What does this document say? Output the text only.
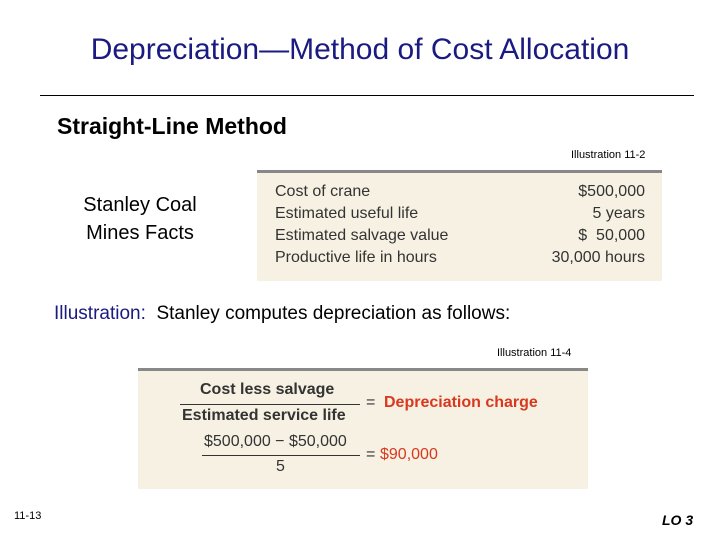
Depreciation—Method of Cost Allocation
Straight-Line Method
Illustration 11-2
Stanley Coal
Mines Facts
Cost of crane	$500,000
Estimated useful life	5 years
Estimated salvage value	$  50,000
Productive life in hours	30,000 hours
Illustration: Stanley computes depreciation as follows:
Illustration 11-4
Cost less salvage
Estimated service life
= Depreciation charge
$500,000 − $50,000
5
= $90,000
11-13	LO 3
